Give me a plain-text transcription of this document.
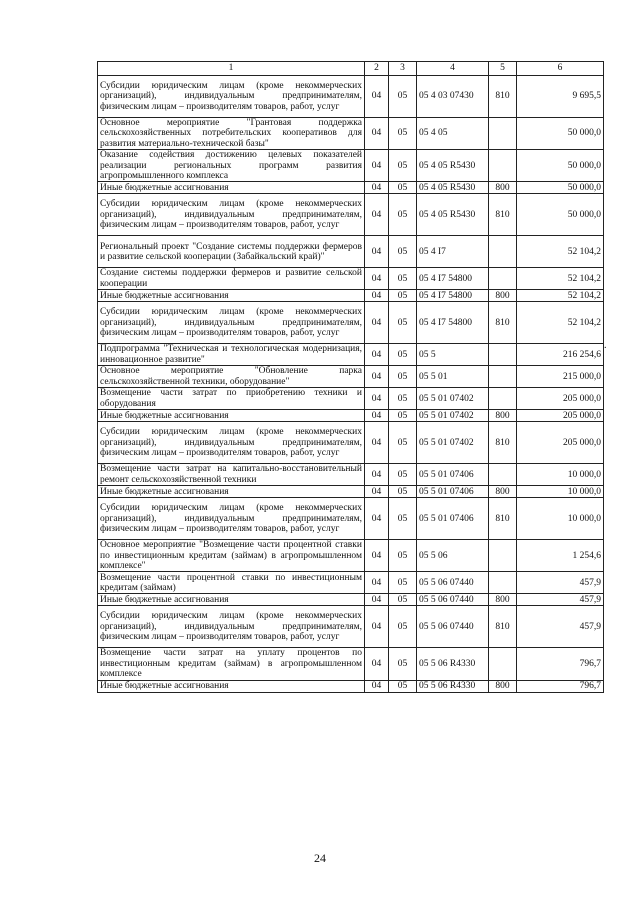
1	2	3	4	5	6
Субсидии юридическим лицам (кроме некоммерческих организаций), индивидуальным предпринимателям, физическим лицам – производителям товаров, работ, услуг	04	05	05 4 03 07430	810	9 695,5
Основное мероприятие "Грантовая поддержка сельскохозяйственных потребительских кооперативов для развития материально-технической базы"	04	05	05 4 05		50 000,0
Оказание содействия достижению целевых показателей реализации региональных программ развития агропромышленного комплекса	04	05	05 4 05 R5430		50 000,0
Иные бюджетные ассигнования	04	05	05 4 05 R5430	800	50 000,0
Субсидии юридическим лицам (кроме некоммерческих организаций), индивидуальным предпринимателям, физическим лицам – производителям товаров, работ, услуг	04	05	05 4 05 R5430	810	50 000,0
Региональный проект "Создание системы поддержки фермеров и развитие сельской кооперации (Забайкальский край)"	04	05	05 4 I7		52 104,2
Создание системы поддержки фермеров и развитие сельской кооперации	04	05	05 4 I7 54800		52 104,2
Иные бюджетные ассигнования	04	05	05 4 I7 54800	800	52 104,2
Субсидии юридическим лицам (кроме некоммерческих организаций), индивидуальным предпринимателям, физическим лицам – производителям товаров, работ, услуг	04	05	05 4 I7 54800	810	52 104,2
Подпрограмма "Техническая и технологическая модернизация, инновационное развитие"	04	05	05 5		216 254,6
Основное мероприятие "Обновление парка сельскохозяйственной техники, оборудование"	04	05	05 5 01		215 000,0
Возмещение части затрат по приобретению техники и оборудования	04	05	05 5 01 07402		205 000,0
Иные бюджетные ассигнования	04	05	05 5 01 07402	800	205 000,0
Субсидии юридическим лицам (кроме некоммерческих организаций), индивидуальным предпринимателям, физическим лицам – производителям товаров, работ, услуг	04	05	05 5 01 07402	810	205 000,0
Возмещение части затрат на капитально-восстановительный ремонт сельскохозяйственной техники	04	05	05 5 01 07406		10 000,0
Иные бюджетные ассигнования	04	05	05 5 01 07406	800	10 000,0
Субсидии юридическим лицам (кроме некоммерческих организаций), индивидуальным предпринимателям, физическим лицам – производителям товаров, работ, услуг	04	05	05 5 01 07406	810	10 000,0
Основное мероприятие "Возмещение части процентной ставки по инвестиционным кредитам (займам) в агропромышленном комплексе"	04	05	05 5 06		1 254,6
Возмещение части процентной ставки по инвестиционным кредитам (займам)	04	05	05 5 06 07440		457,9
Иные бюджетные ассигнования	04	05	05 5 06 07440	800	457,9
Субсидии юридическим лицам (кроме некоммерческих организаций), индивидуальным предпринимателям, физическим лицам – производителям товаров, работ, услуг	04	05	05 5 06 07440	810	457,9
Возмещение части затрат на уплату процентов по инвестиционным кредитам (займам) в агропромышленном комплексе	04	05	05 5 06 R4330		796,7
Иные бюджетные ассигнования	04	05	05 5 06 R4330	800	796,7
.
24
